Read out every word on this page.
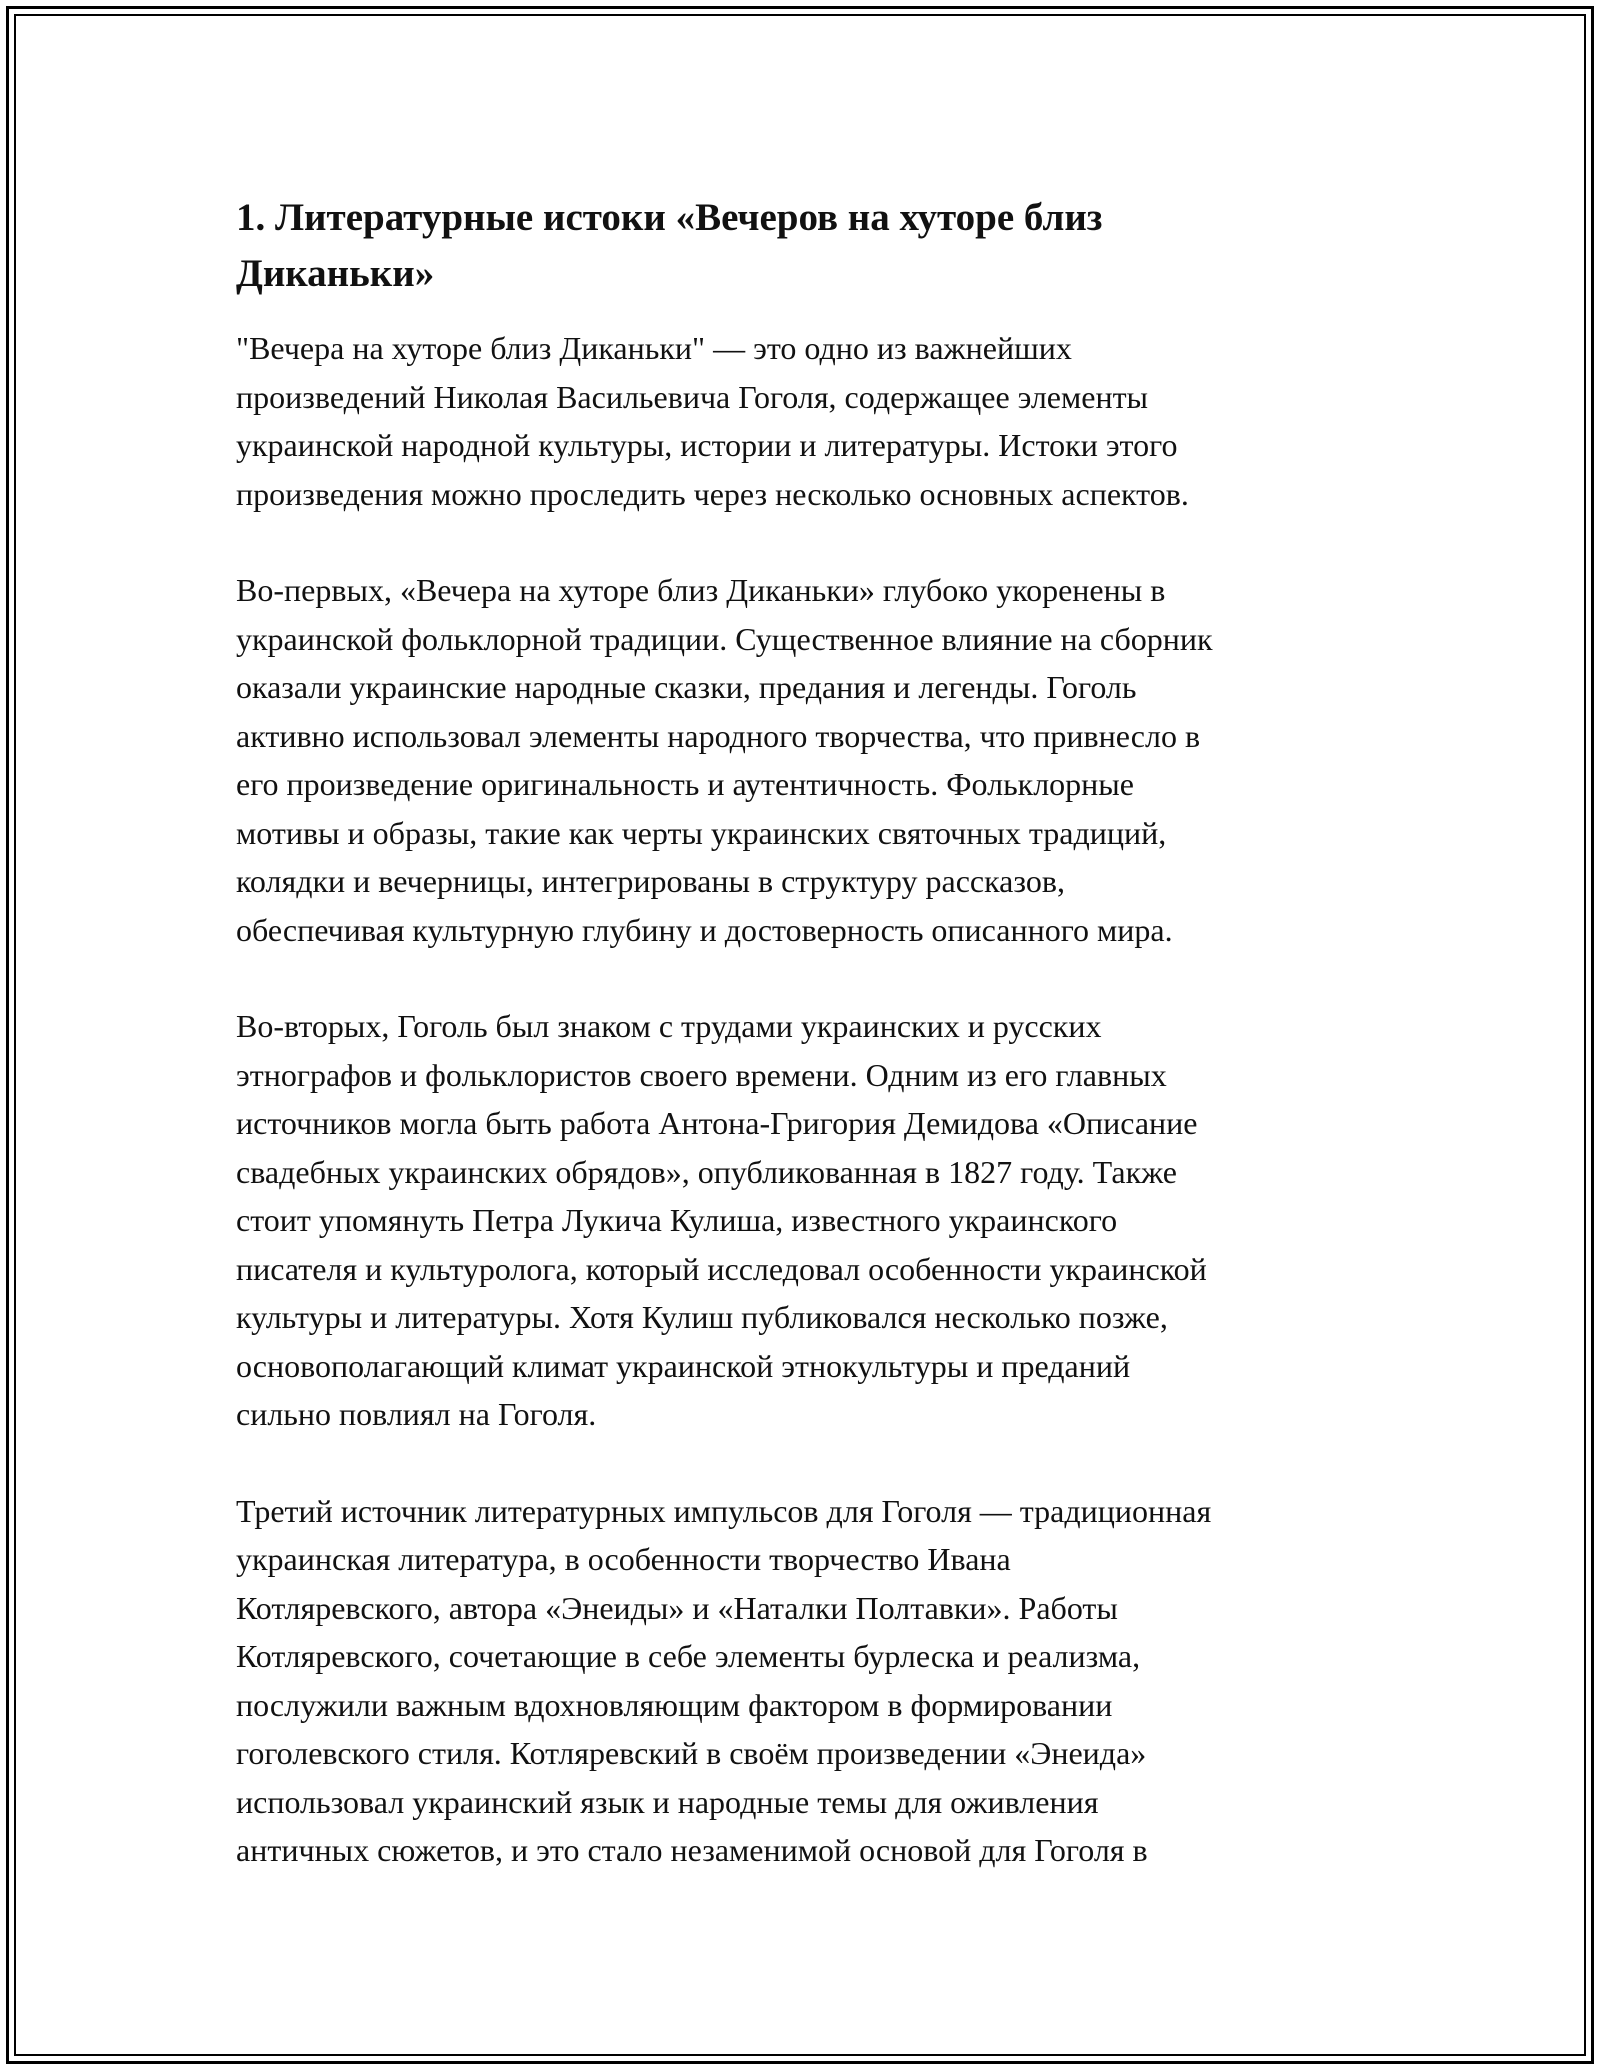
1. Литературные истоки «Вечеров на хуторе близ
Диканьки»

"Вечера на хуторе близ Диканьки" — это одно из важнейших
произведений Николая Васильевича Гоголя, содержащее элементы
украинской народной культуры, истории и литературы. Истоки этого
произведения можно проследить через несколько основных аспектов.

Во-первых, «Вечера на хуторе близ Диканьки» глубоко укоренены в
украинской фольклорной традиции. Существенное влияние на сборник
оказали украинские народные сказки, предания и легенды. Гоголь
активно использовал элементы народного творчества, что привнесло в
его произведение оригинальность и аутентичность. Фольклорные
мотивы и образы, такие как черты украинских святочных традиций,
колядки и вечерницы, интегрированы в структуру рассказов,
обеспечивая культурную глубину и достоверность описанного мира.

Во-вторых, Гоголь был знаком с трудами украинских и русских
этнографов и фольклористов своего времени. Одним из его главных
источников могла быть работа Антона-Григория Демидова «Описание
свадебных украинских обрядов», опубликованная в 1827 году. Также
стоит упомянуть Петра Лукича Кулиша, известного украинского
писателя и культуролога, который исследовал особенности украинской
культуры и литературы. Хотя Кулиш публиковался несколько позже,
основополагающий климат украинской этнокультуры и преданий
сильно повлиял на Гоголя.

Третий источник литературных импульсов для Гоголя — традиционная
украинская литература, в особенности творчество Ивана
Котляревского, автора «Энеиды» и «Наталки Полтавки». Работы
Котляревского, сочетающие в себе элементы бурлеска и реализма,
послужили важным вдохновляющим фактором в формировании
гоголевского стиля. Котляревский в своём произведении «Энеида»
использовал украинский язык и народные темы для оживления
античных сюжетов, и это стало незаменимой основой для Гоголя в
